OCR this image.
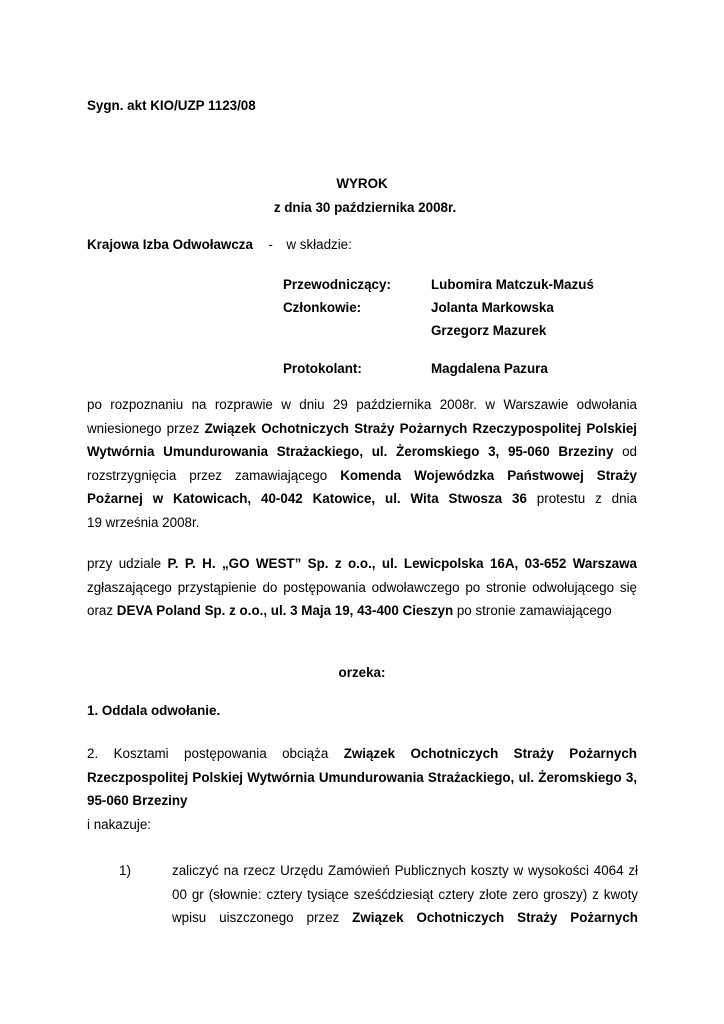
Sygn. akt KIO/UZP 1123/08
WYROK
z dnia 30 października 2008r.
Krajowa Izba Odwoławcza - w składzie:
Przewodniczący:	Lubomira Matczuk-Mazuś
Członkowie:	Jolanta Markowska
Grzegorz Mazurek
Protokolant:	Magdalena Pazura
po rozpoznaniu na rozprawie w dniu 29 października 2008r. w Warszawie odwołania
wniesionego przez Związek Ochotniczych Straży Pożarnych Rzeczypospolitej Polskiej
Wytwórnia Umundurowania Strażackiego, ul. Żeromskiego 3, 95-060 Brzeziny od
rozstrzygnięcia przez zamawiającego Komenda Wojewódzka Państwowej Straży
Pożarnej w Katowicach, 40-042 Katowice, ul. Wita Stwosza 36 protestu z dnia
19 września 2008r.
przy udziale P. P. H. „GO WEST” Sp. z o.o., ul. Lewicpolska 16A, 03-652 Warszawa
zgłaszającego przystąpienie do postępowania odwoławczego po stronie odwołującego się
oraz DEVA Poland Sp. z o.o., ul. 3 Maja 19, 43-400 Cieszyn po stronie zamawiającego
orzeka:
1. Oddala odwołanie.
2. Kosztami postępowania obciąża Związek Ochotniczych Straży Pożarnych
Rzeczpospolitej Polskiej Wytwórnia Umundurowania Strażackiego, ul. Żeromskiego 3,
95-060 Brzeziny
i nakazuje:
1)	zaliczyć na rzecz Urzędu Zamówień Publicznych koszty w wysokości 4064 zł
00 gr (słownie: cztery tysiące sześćdziesiąt cztery złote zero groszy) z kwoty
wpisu uiszczonego przez Związek Ochotniczych Straży Pożarnych
